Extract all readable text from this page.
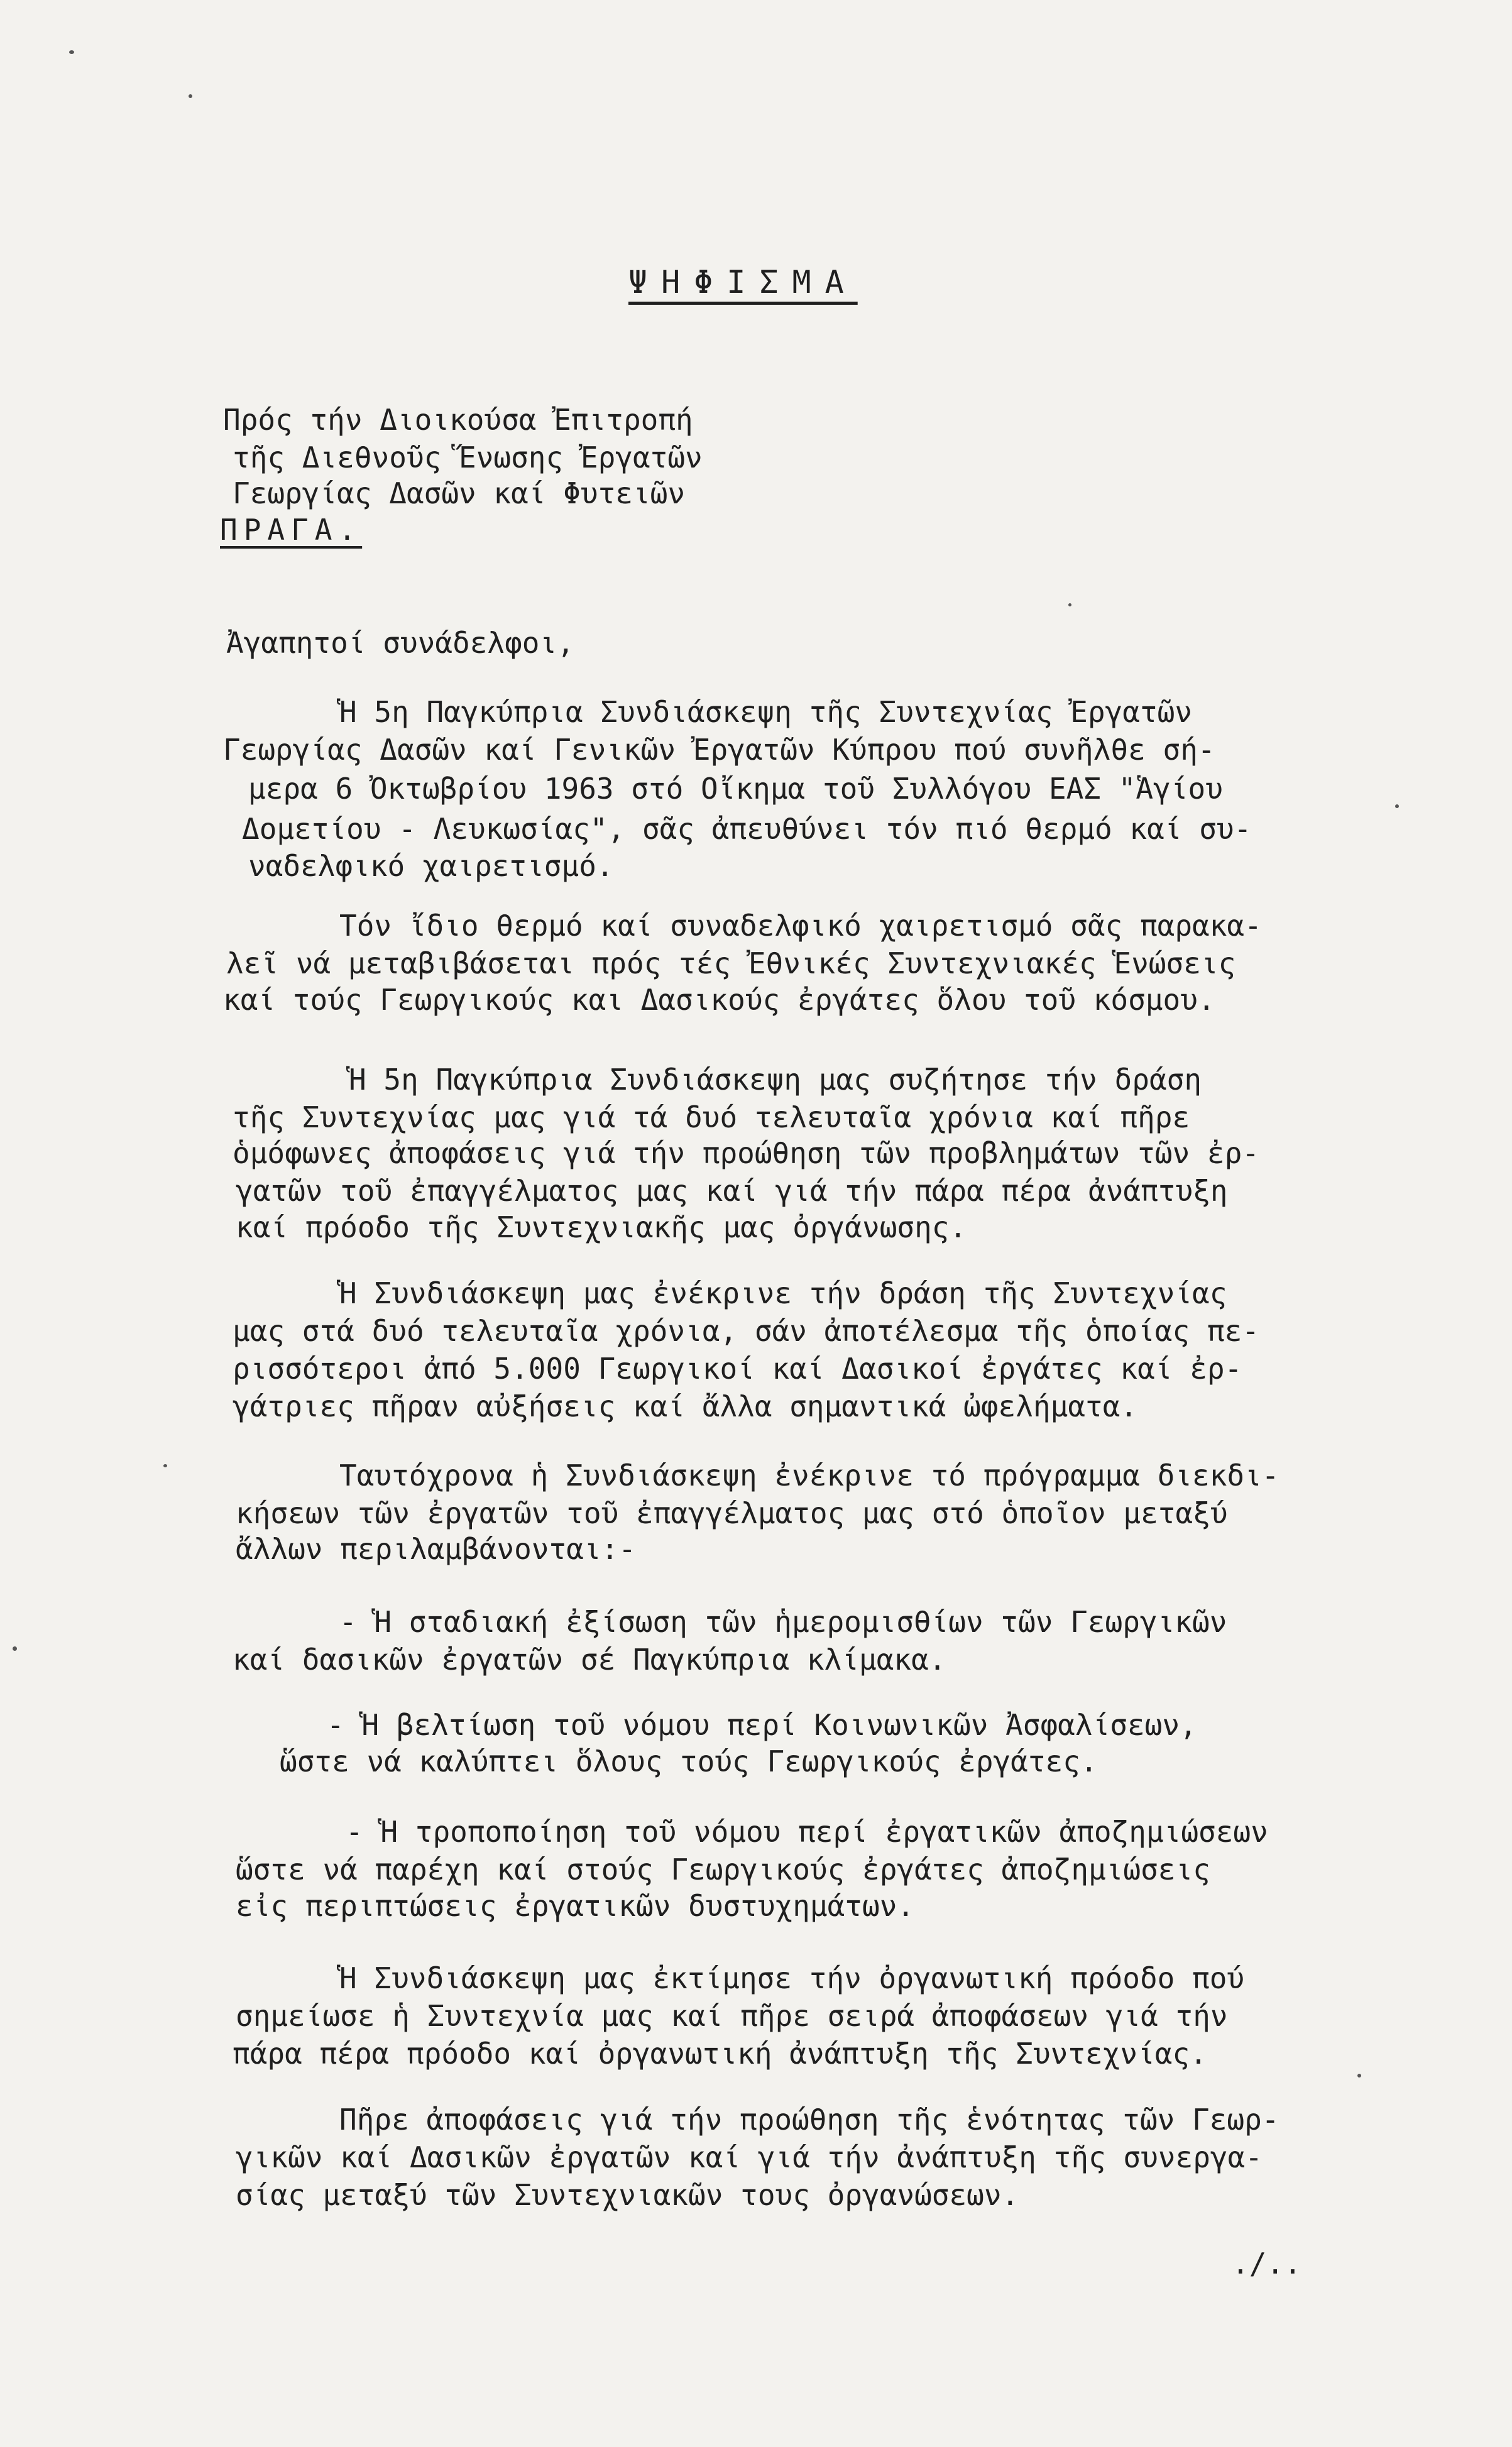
ΨΗΦΙΣΜΑ
Πρός τήν Διοικούσα Ἐπιτροπή
τῆς Διεθνοῦς Ἕνωσης Ἐργατῶν
Γεωργίας Δασῶν καί Φυτειῶν
ΠΡΑΓΑ.
Ἀγαπητοί συνάδελφοι,
Ἡ 5η Παγκύπρια Συνδιάσκεψη τῆς Συντεχνίας Ἐργατῶν
Γεωργίας Δασῶν καί Γενικῶν Ἐργατῶν Κύπρου πού συνῆλθε σή-
μερα 6 Ὀκτωβρίου 1963 στό Οἴκημα τοῦ Συλλόγου ΕΑΣ "Ἁγίου
Δομετίου - Λευκωσίας", σᾶς ἀπευθύνει τόν πιό θερμό καί συ-
ναδελφικό χαιρετισμό.
Τόν ἴδιο θερμό καί συναδελφικό χαιρετισμό σᾶς παρακα-
λεῖ νά μεταβιβάσεται πρός τές Ἐθνικές Συντεχνιακές Ἑνώσεις
καί τούς Γεωργικούς και Δασικούς ἐργάτες ὅλου τοῦ κόσμου.
Ἡ 5η Παγκύπρια Συνδιάσκεψη μας συζήτησε τήν δράση
τῆς Συντεχνίας μας γιά τά δυό τελευταῖα χρόνια καί πῆρε
ὁμόφωνες ἀποφάσεις γιά τήν προώθηση τῶν προβλημάτων τῶν ἐρ-
γατῶν τοῦ ἐπαγγέλματος μας καί γιά τήν πάρα πέρα ἀνάπτυξη
καί πρόοδο τῆς Συντεχνιακῆς μας ὀργάνωσης.
Ἡ Συνδιάσκεψη μας ἐνέκρινε τήν δράση τῆς Συντεχνίας
μας στά δυό τελευταῖα χρόνια, σάν ἀποτέλεσμα τῆς ὁποίας πε-
ρισσότεροι ἀπό 5.000 Γεωργικοί καί Δασικοί ἐργάτες καί ἐρ-
γάτριες πῆραν αὐξήσεις καί ἄλλα σημαντικά ὠφελήματα.
Ταυτόχρονα ἡ Συνδιάσκεψη ἐνέκρινε τό πρόγραμμα διεκδι-
κήσεων τῶν ἐργατῶν τοῦ ἐπαγγέλματος μας στό ὁποῖον μεταξύ
ἄλλων περιλαμβάνονται:-
- Ἡ σταδιακή ἐξίσωση τῶν ἡμερομισθίων τῶν Γεωργικῶν
καί δασικῶν ἐργατῶν σέ Παγκύπρια κλίμακα.
- Ἡ βελτίωση τοῦ νόμου περί Κοινωνικῶν Ἀσφαλίσεων,
ὥστε νά καλύπτει ὅλους τούς Γεωργικούς ἐργάτες.
- Ἡ τροποποίηση τοῦ νόμου περί ἐργατικῶν ἀποζημιώσεων
ὥστε νά παρέχη καί στούς Γεωργικούς ἐργάτες ἀποζημιώσεις
εἰς περιπτώσεις ἐργατικῶν δυστυχημάτων.
Ἡ Συνδιάσκεψη μας ἐκτίμησε τήν ὀργανωτική πρόοδο πού
σημείωσε ἡ Συντεχνία μας καί πῆρε σειρά ἀποφάσεων γιά τήν
πάρα πέρα πρόοδο καί ὀργανωτική ἀνάπτυξη τῆς Συντεχνίας.
Πῆρε ἀποφάσεις γιά τήν προώθηση τῆς ἑνότητας τῶν Γεωρ-
γικῶν καί Δασικῶν ἐργατῶν καί γιά τήν ἀνάπτυξη τῆς συνεργα-
σίας μεταξύ τῶν Συντεχνιακῶν τους ὀργανώσεων.
./..
